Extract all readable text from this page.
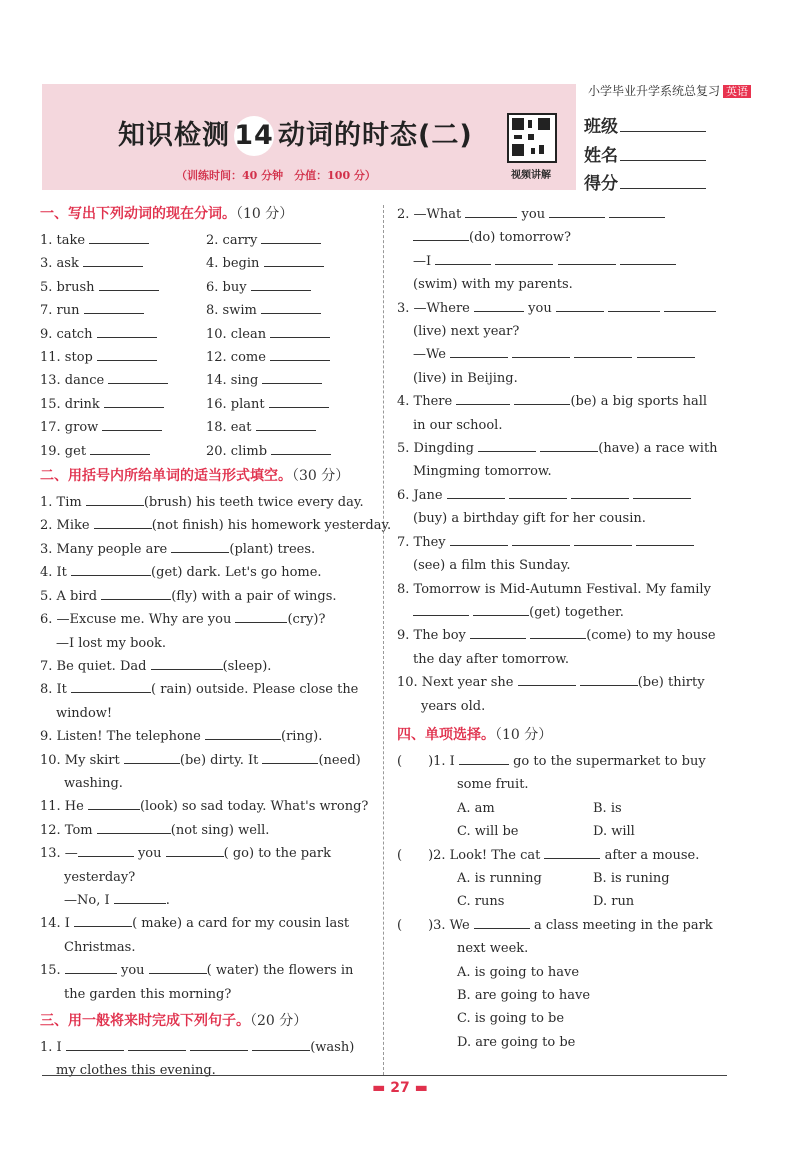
知识检测 14 动词的时态(二)
（训练时间：40 分钟　分值：100 分）	视频讲解
小学毕业升学系统总复习 英语
班级
姓名
得分
一、写出下列动词的现在分词。（10 分）
1. take	2. carry
3. ask	4. begin
5. brush	6. buy
7. run	8. swim
9. catch	10. clean
11. stop	12. come
13. dance	14. sing
15. drink	16. plant
17. grow	18. eat
19. get	20. climb
二、用括号内所给单词的适当形式填空。（30 分）
1. Tim	(brush) his teeth twice every day.
2. Mike	(not finish) his homework yesterday.
3. Many people are	(plant) trees.
4. It	(get) dark. Let's go home.
5. A bird	(fly) with a pair of wings.
6. —Excuse me. Why are you	(cry)?
—I lost my book.
7. Be quiet. Dad	(sleep).
8. It	( rain) outside. Please close the
window!
9. Listen! The telephone	(ring).
10. My skirt	(be) dirty. It	(need)
washing.
11. He	(look) so sad today. What's wrong?
12. Tom	(not sing) well.
13. —	you	( go) to the park
yesterday?
—No, I	.
14. I	( make) a card for my cousin last
Christmas.
15.	you	( water) the flowers in
the garden this morning?
三、用一般将来时完成下列句子。（20 分）
1. I	(wash)
my clothes this evening.
2. —What	you
(do) tomorrow?
—I
(swim) with my parents.
3. —Where	you
(live) next year?
—We
(live) in Beijing.
4. There	(be) a big sports hall
in our school.
5. Dingding	(have) a race with
Mingming tomorrow.
6. Jane
(buy) a birthday gift for her cousin.
7. They
(see) a film this Sunday.
8. Tomorrow is Mid-Autumn Festival. My family
(get) together.
9. The boy	(come) to my house
the day after tomorrow.
10. Next year she	(be) thirty
years old.
四、单项选择。（10 分）
(　　)1. I	go to the supermarket to buy
some fruit.
A. am	B. is
C. will be	D. will
(　　)2. Look! The cat	after a mouse.
A. is running	B. is runing
C. runs	D. run
(　　)3. We	a class meeting in the park
next week.
A. is going to have
B. are going to have
C. is going to be
D. are going to be
▬ 27 ▬
